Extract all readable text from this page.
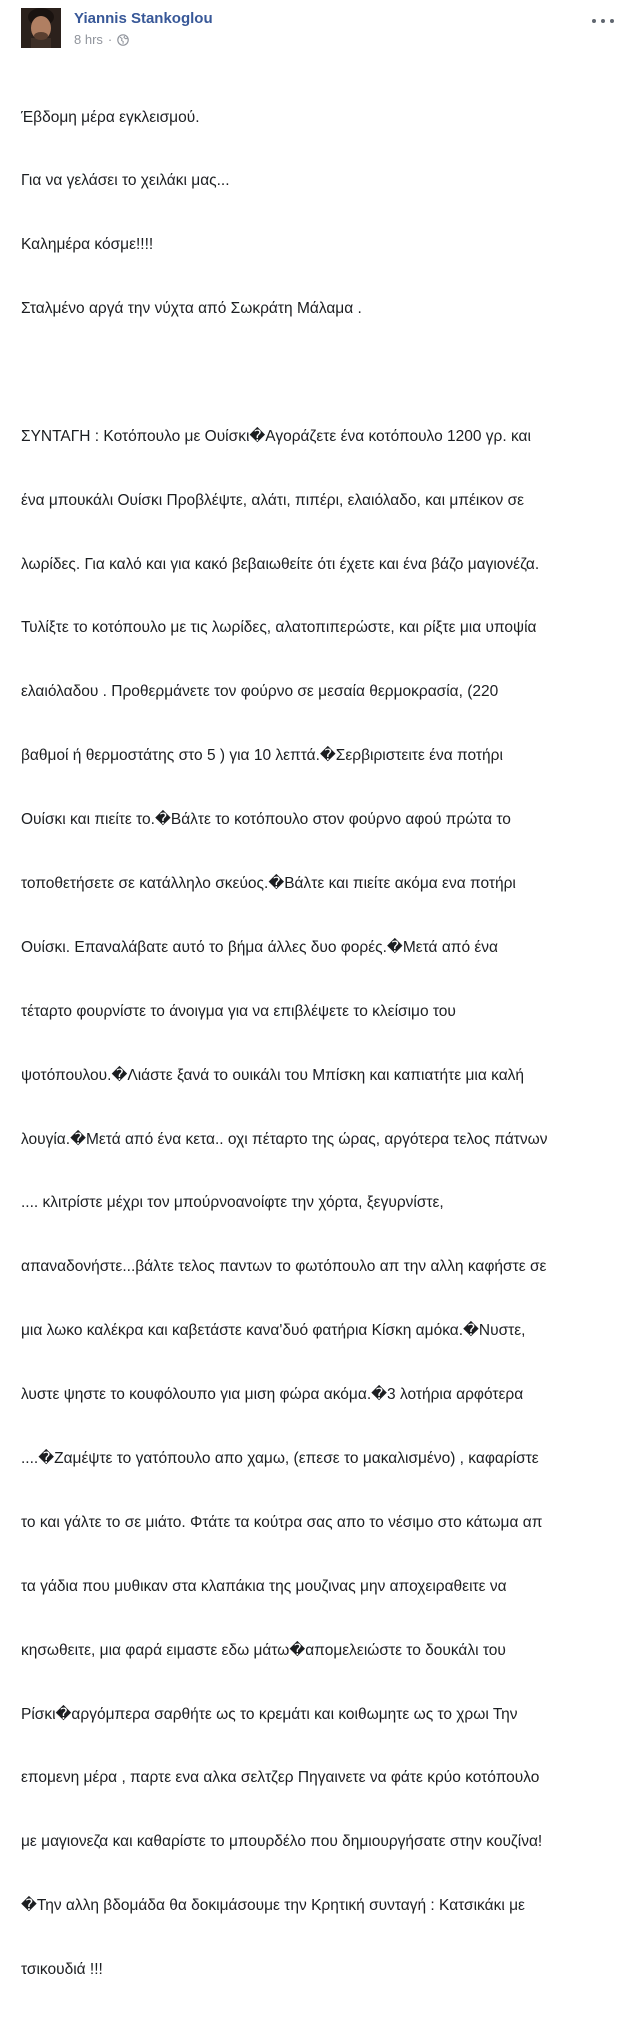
Yiannis Stankoglou
8 hrs ·

Έβδομη μέρα εγκλεισμού.

Για να γελάσει το χειλάκι μας...

Καλημέρα κόσμε!!!!

Σταλμένο αργά την νύχτα από Σωκράτη Μάλαμα .

ΣΥΝΤΑΓΗ : Κοτόπουλο με Ουίσκι�Αγοράζετε ένα κοτόπουλο 1200 γρ. και

ένα μπουκάλι Ουίσκι Προβλέψτε, αλάτι, πιπέρι, ελαιόλαδο, και μπέικον σε

λωρίδες. Για καλό και για κακό βεβαιωθείτε ότι έχετε και ένα βάζο μαγιονέζα.

Τυλίξτε το κοτόπουλο με τις λωρίδες, αλατοπιπερώστε, και ρίξτε μια υποψία

ελαιόλαδου . Προθερμάνετε τον φούρνο σε μεσαία θερμοκρασία, (220

βαθμοί ή θερμοστάτης στο 5 ) για 10 λεπτά.�Σερβιριστειτε ένα ποτήρι

Ουίσκι και πιείτε το.�Βάλτε το κοτόπουλο στον φούρνο αφού πρώτα το

τοποθετήσετε σε κατάλληλο σκεύος.�Βάλτε και πιείτε ακόμα ενα ποτήρι

Ουίσκι. Επαναλάβατε αυτό το βήμα άλλες δυο φορές.�Μετά από ένα

τέταρτο φουρνίστε το άνοιγμα για να επιβλέψετε το κλείσιμο του

ψοτόπουλου.�Λιάστε ξανά το ουικάλι του Μπίσκη και καπιατήτε μια καλή

λουγία.�Μετά από ένα κετα.. οχι πέταρτο της ώρας, αργότερα τελος πάτνων

.... κλιτρίστε μέχρι τον μπούρνοανοίφτε την χόρτα, ξεγυρνίστε,

απαναδονήστε...βάλτε τελος παντων το φωτόπουλο απ την αλλη καφήστε σε

μια λωκο καλέκρα και καβετάστε κανα'δυό φατήρια Κίσκη αμόκα.�Νυστε,

λυστε ψηστε το κουφόλουπο για μιση φώρα ακόμα.�3 λοτήρια αρφότερα

....�Ζαμέψτε το γατόπουλο απο χαμω, (επεσε το μακαλισμένο) , καφαρίστε

το και γάλτε το σε μιάτο. Φτάτε τα κούτρα σας απο το νέσιμο στο κάτωμα απ

τα γάδια που μυθικαν στα κλαπάκια της μουζινας μην αποχειραθειτε να

κησωθειτε, μια φαρά ειμαστε εδω μάτω�απομελειώστε το δουκάλι του

Ρίσκι�αργόμπερα σαρθήτε ως το κρεμάτι και κοιθωμητε ως το χρωι Την

επομενη μέρα , παρτε ενα αλκα σελτζερ Πηγαινετε να φάτε κρύο κοτόπουλο

με μαγιονεζα και καθαρίστε το μπουρδέλο που δημιουργήσατε στην κουζίνα!

�Την αλλη βδομάδα θα δοκιμάσουμε την Κρητική συνταγή : Κατσικάκι με

τσικουδιά !!!
